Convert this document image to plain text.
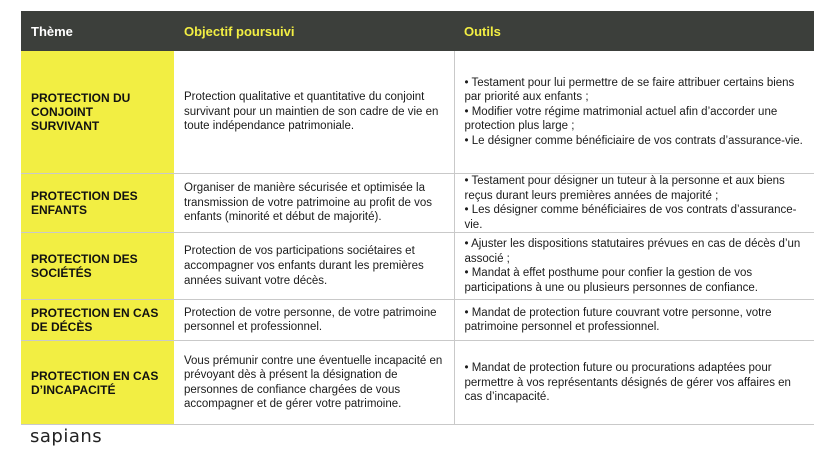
Thème	Objectif poursuivi	Outils
PROTECTION DU CONJOINT SURVIVANT	Protection qualitative et quantitative du conjoint survivant pour un maintien de son cadre de vie en toute indépendance patrimoniale.	• Testament pour lui permettre de se faire attribuer certains biens par priorité aux enfants ;
• Modifier votre régime matrimonial actuel afin d’accorder une protection plus large ;
• Le désigner comme bénéficiaire de vos contrats d’assurance-vie.

PROTECTION DES ENFANTS	Organiser de manière sécurisée et optimisée la transmission de votre patrimoine au profit de vos enfants (minorité et début de majorité).	• Testament pour désigner un tuteur à la personne et aux biens reçus durant leurs premières années de majorité ;
• Les désigner comme bénéficiaires de vos contrats d’assurance-vie.

PROTECTION DES SOCIÉTÉS	Protection de vos participations sociétaires et accompagner vos enfants durant les premières années suivant votre décès.	• Ajuster les dispositions statutaires prévues en cas de décès d’un associé ;
• Mandat à effet posthume pour confier la gestion de vos participations à une ou plusieurs personnes de confiance.

PROTECTION EN CAS DE DÉCÈS	Protection de votre personne, de votre patrimoine personnel et professionnel.	• Mandat de protection future couvrant votre personne, votre patrimoine personnel et professionnel.

PROTECTION EN CAS D’INCAPACITÉ	Vous prémunir contre une éventuelle incapacité en prévoyant dès à présent la désignation de personnes de confiance chargées de vous accompagner et de gérer votre patrimoine.	• Mandat de protection future ou procurations adaptées pour permettre à vos représentants désignés de gérer vos affaires en cas d’incapacité.
sapians
